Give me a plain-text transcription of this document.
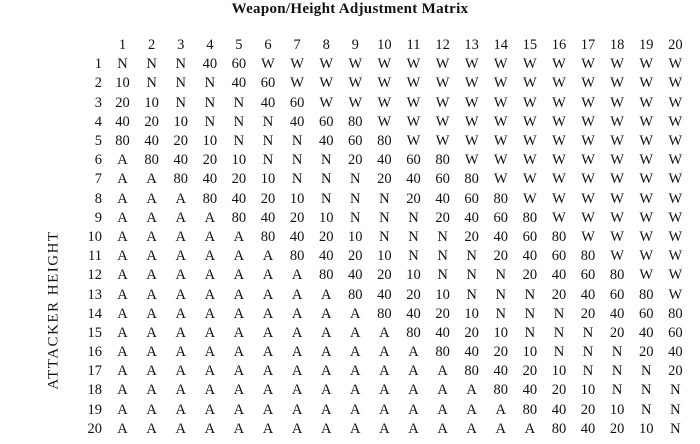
Weapon/Height Adjustment Matrix
ATTACKER HEIGHT
	1	2	3	4	5	6	7	8	9	10	11	12	13	14	15	16	17	18	19	20
1	N	N	N	40	60	W	W	W	W	W	W	W	W	W	W	W	W	W	W	W
2	10	N	N	N	40	60	W	W	W	W	W	W	W	W	W	W	W	W	W	W
3	20	10	N	N	N	40	60	W	W	W	W	W	W	W	W	W	W	W	W	W
4	40	20	10	N	N	N	40	60	80	W	W	W	W	W	W	W	W	W	W	W
5	80	40	20	10	N	N	N	40	60	80	W	W	W	W	W	W	W	W	W	W
6	A	80	40	20	10	N	N	N	20	40	60	80	W	W	W	W	W	W	W	W
7	A	A	80	40	20	10	N	N	N	20	40	60	80	W	W	W	W	W	W	W
8	A	A	A	80	40	20	10	N	N	N	20	40	60	80	W	W	W	W	W	W
9	A	A	A	A	80	40	20	10	N	N	N	20	40	60	80	W	W	W	W	W
10	A	A	A	A	A	80	40	20	10	N	N	N	20	40	60	80	W	W	W	W
11	A	A	A	A	A	A	80	40	20	10	N	N	N	20	40	60	80	W	W	W
12	A	A	A	A	A	A	A	80	40	20	10	N	N	N	20	40	60	80	W	W
13	A	A	A	A	A	A	A	A	80	40	20	10	N	N	N	20	40	60	80	W
14	A	A	A	A	A	A	A	A	A	80	40	20	10	N	N	N	20	40	60	80
15	A	A	A	A	A	A	A	A	A	A	80	40	20	10	N	N	N	20	40	60
16	A	A	A	A	A	A	A	A	A	A	A	80	40	20	10	N	N	N	20	40
17	A	A	A	A	A	A	A	A	A	A	A	A	80	40	20	10	N	N	N	20
18	A	A	A	A	A	A	A	A	A	A	A	A	A	80	40	20	10	N	N	N
19	A	A	A	A	A	A	A	A	A	A	A	A	A	A	80	40	20	10	N	N
20	A	A	A	A	A	A	A	A	A	A	A	A	A	A	A	80	40	20	10	N
